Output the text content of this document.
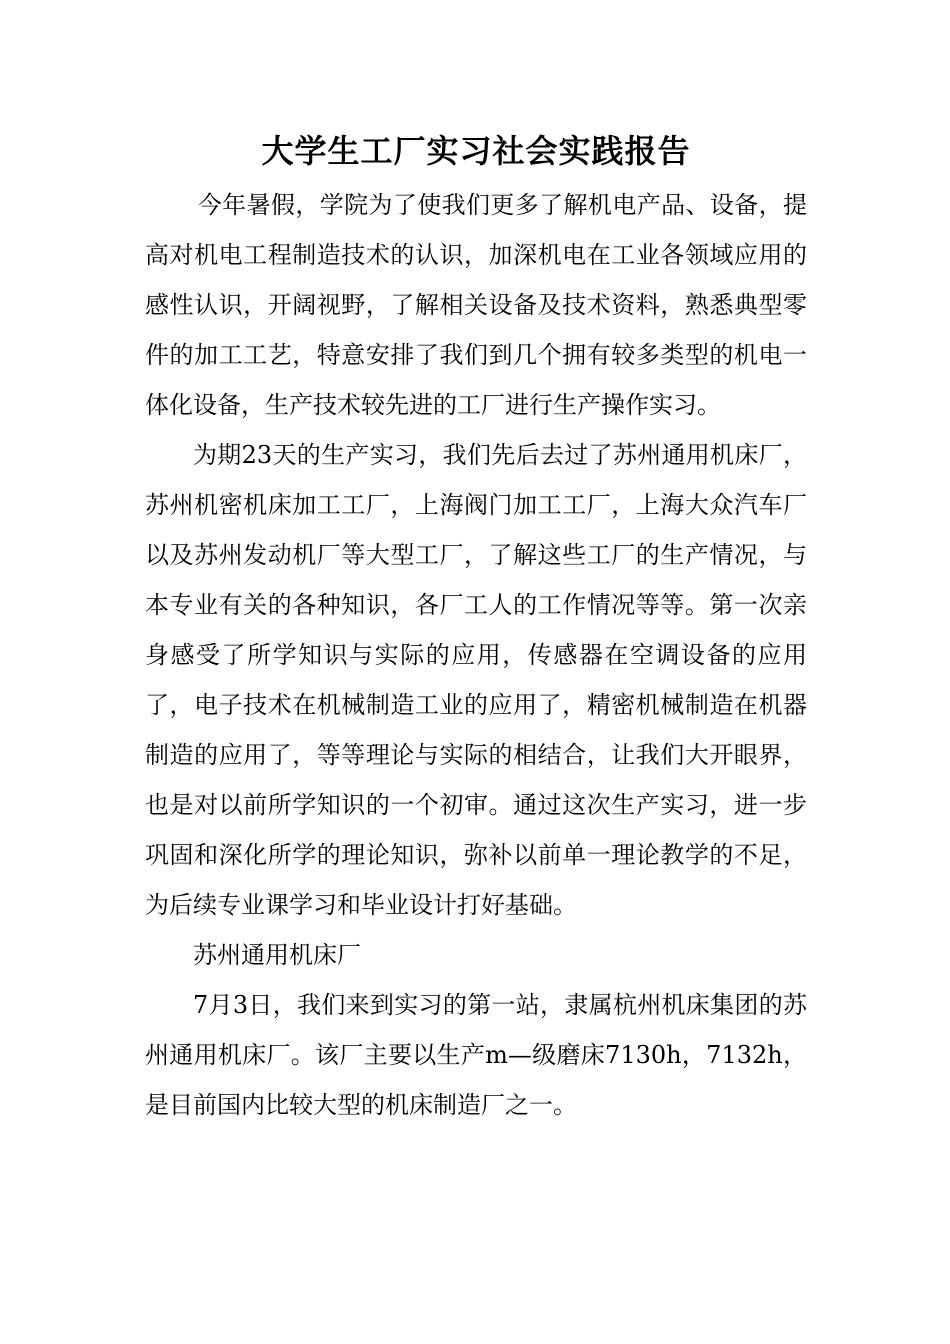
大学生工厂实习社会实践报告

今年暑假，学院为了使我们更多了解机电产品、设备，提高对机电工程制造技术的认识，加深机电在工业各领域应用的感性认识，开阔视野，了解相关设备及技术资料，熟悉典型零件的加工工艺，特意安排了我们到几个拥有较多类型的机电一体化设备，生产技术较先进的工厂进行生产操作实习。

为期23天的生产实习，我们先后去过了苏州通用机床厂，苏州机密机床加工工厂，上海阀门加工工厂，上海大众汽车厂以及苏州发动机厂等大型工厂，了解这些工厂的生产情况，与本专业有关的各种知识，各厂工人的工作情况等等。第一次亲身感受了所学知识与实际的应用，传感器在空调设备的应用了，电子技术在机械制造工业的应用了，精密机械制造在机器制造的应用了，等等理论与实际的相结合，让我们大开眼界，也是对以前所学知识的一个初审。通过这次生产实习，进一步巩固和深化所学的理论知识，弥补以前单一理论教学的不足，为后续专业课学习和毕业设计打好基础。

苏州通用机床厂

7月3日，我们来到实习的第一站，隶属杭州机床集团的苏州通用机床厂。该厂主要以生产m—级磨床7130h，7132h，是目前国内比较大型的机床制造厂之一。
